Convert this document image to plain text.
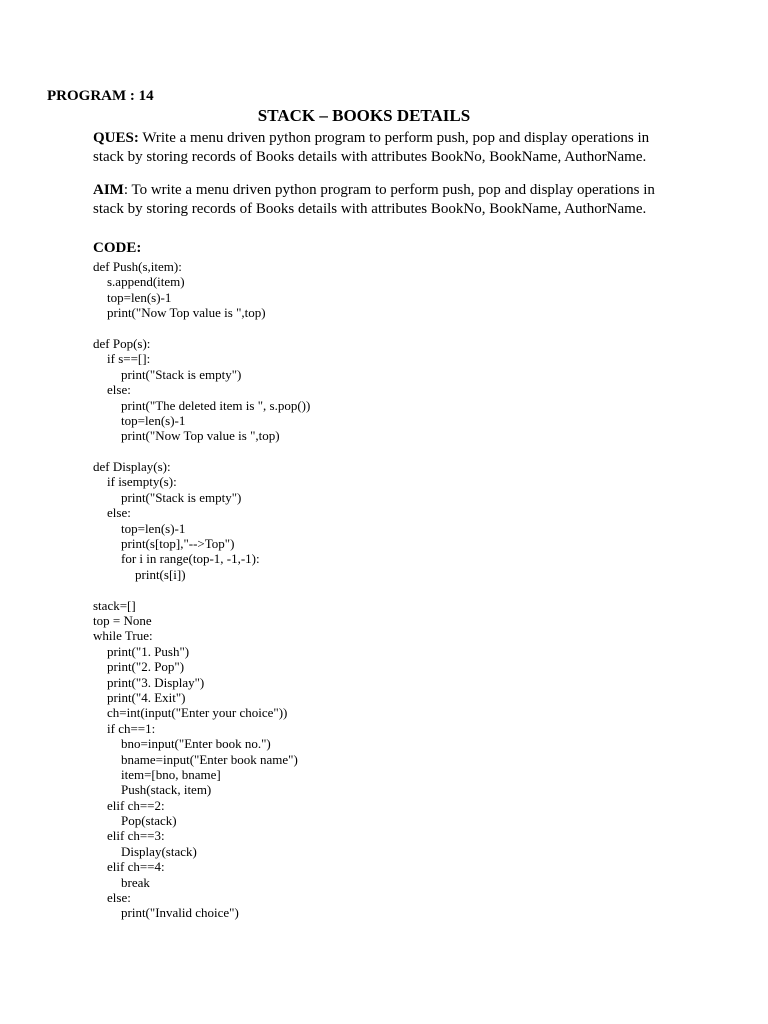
PROGRAM : 14
STACK – BOOKS DETAILS
QUES: Write a menu driven python program to perform push, pop and display operations in
stack by storing records of Books details with attributes BookNo, BookName, AuthorName.
AIM: To write a menu driven python program to perform push, pop and display operations in
stack by storing records of Books details with attributes BookNo, BookName, AuthorName.
CODE:
def Push(s,item):
s.append(item)
top=len(s)-1
print("Now Top value is ",top)
def Pop(s):
if s==[]:
print("Stack is empty")
else:
print("The deleted item is ", s.pop())
top=len(s)-1
print("Now Top value is ",top)
def Display(s):
if isempty(s):
print("Stack is empty")
else:
top=len(s)-1
print(s[top],"-->Top")
for i in range(top-1, -1,-1):
print(s[i])
stack=[]
top = None
while True:
print("1. Push")
print("2. Pop")
print("3. Display")
print("4. Exit")
ch=int(input("Enter your choice"))
if ch==1:
bno=input("Enter book no.")
bname=input("Enter book name")
item=[bno, bname]
Push(stack, item)
elif ch==2:
Pop(stack)
elif ch==3:
Display(stack)
elif ch==4:
break
else:
print("Invalid choice")
